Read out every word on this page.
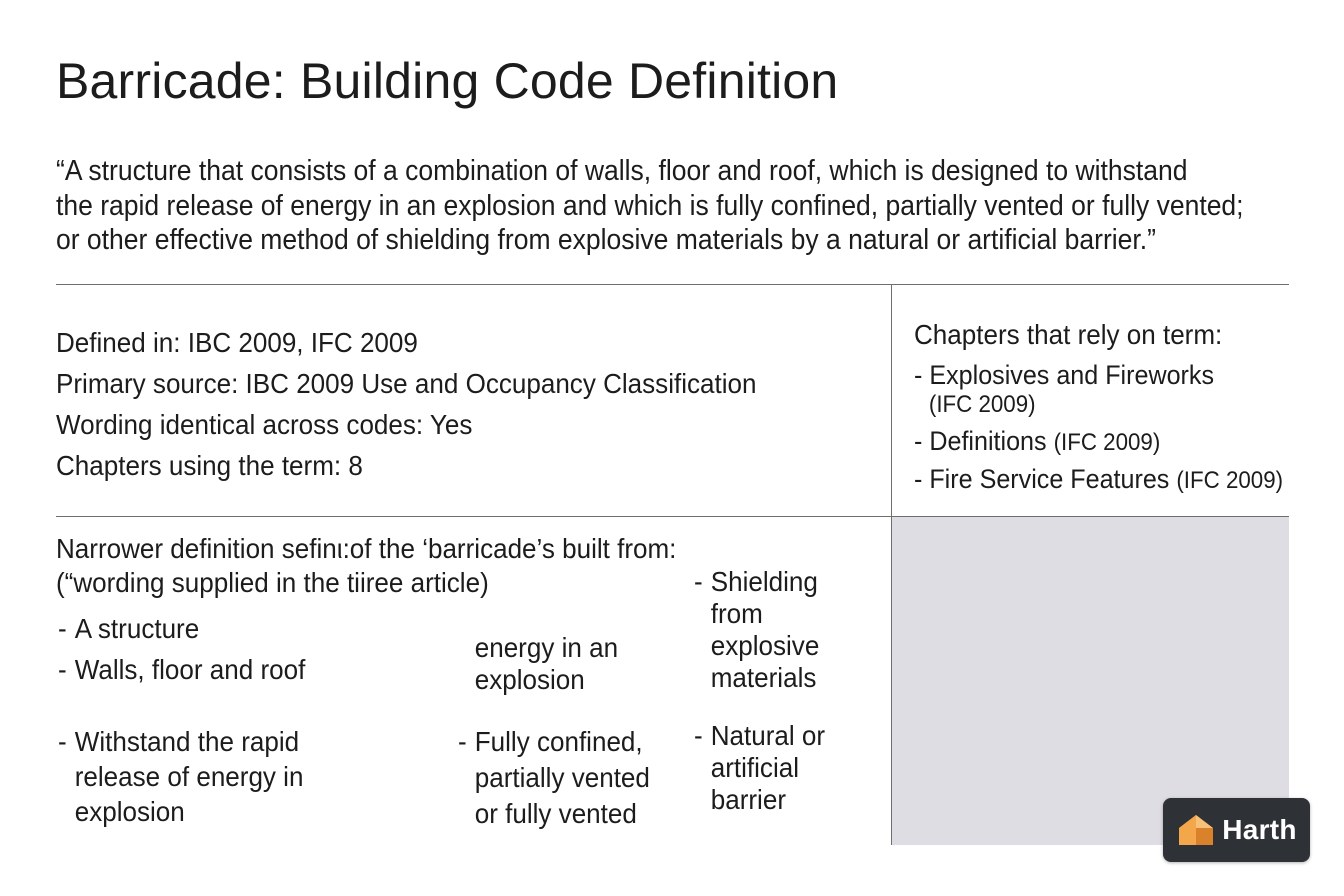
Barricade: Building Code Definition
“A structure that consists of a combination of walls, floor and roof, which is designed to withstand
the rapid release of energy in an explosion and which is fully confined, partially vented or fully vented;
or other effective method of shielding from explosive materials by a natural or artificial barrier.”
Defined in: IBC 2009, IFC 2009
Primary source: IBC 2009 Use and Occupancy Classification
Wording identical across codes: Yes
Chapters using the term: 8
Chapters that rely on term:
- Explosives and Fireworks
(IFC 2009)
- Definitions (IFC 2009)
- Fire Service Features (IFC 2009)
Narrower definition sefinι:of the ‘barricade’s built from:
(“wording supplied in the tiiree article)
- A structure
- Walls, floor and roof
- Withstand the rapid
release of energy in
explosion
energy in an
explosion
- Fully confined,
partially vented
or fully vented
- Shielding
from
explosive
materials
- Natural or
artificial
barrier
Harth
